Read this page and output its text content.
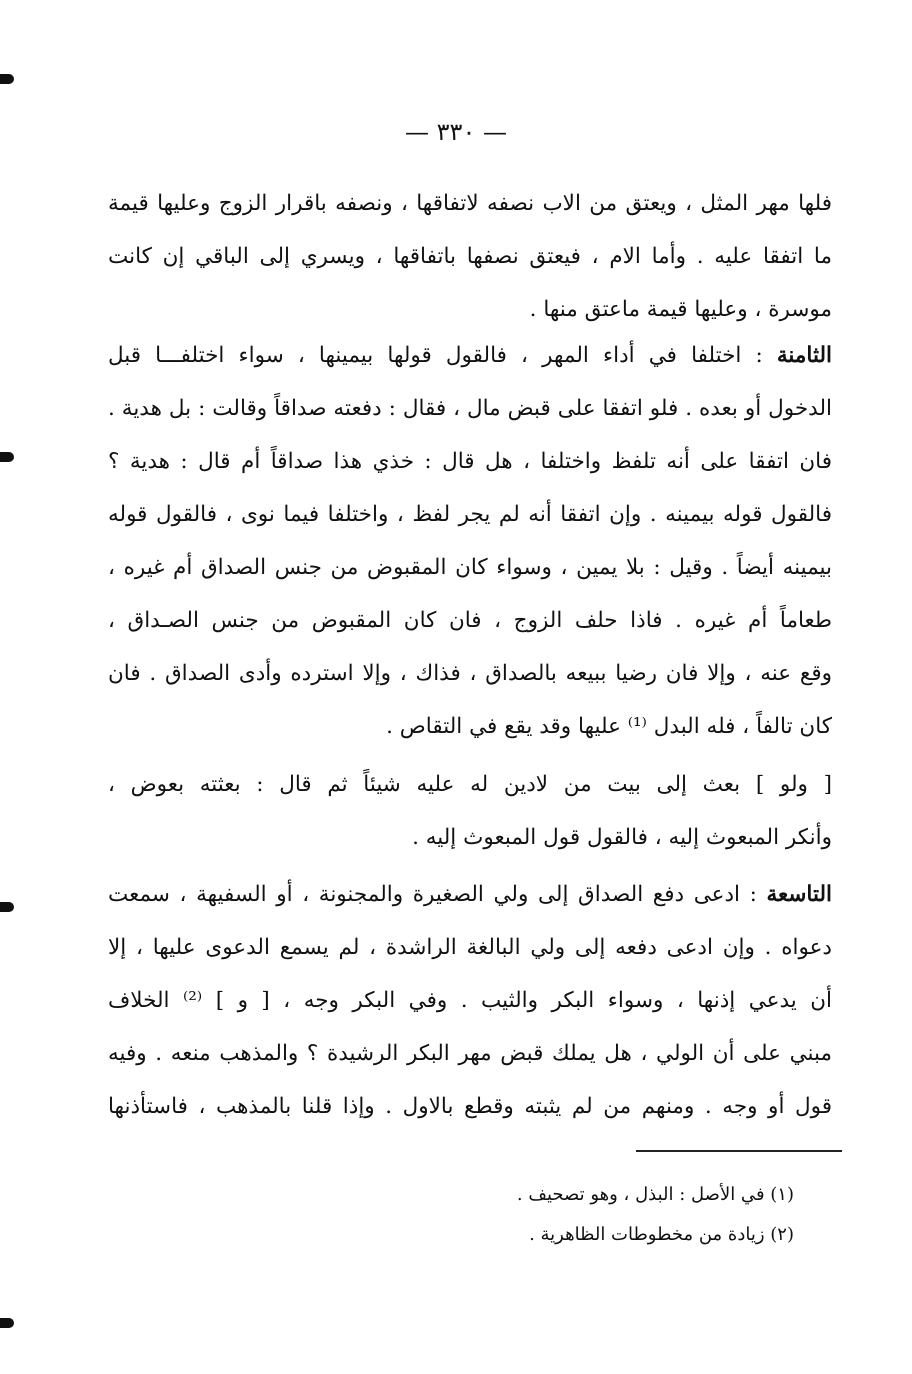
— ٣٣٠ —
فلها مهر المثل ، ويعتق من الاب نصفه لاتفاقها ، ونصفه باقرار الزوج وعليها قيمة
ما اتفقا عليه . وأما الام ، فيعتق نصفها باتفاقها ، ويسري إلى الباقي إن كانت
موسرة ، وعليها قيمة ماعتق منها .
الثامنة : اختلفا في أداء المهر ، فالقول قولها بيمينها ، سواء اختلفـــا قبل
الدخول أو بعده . فلو اتفقا على قبض مال ، فقال : دفعته صداقاً وقالت : بل هدية .
فان اتفقا على أنه تلفظ واختلفا ، هل قال : خذي هذا صداقاً أم قال : هدية ؟
فالقول قوله بيمينه . وإن اتفقا أنه لم يجر لفظ ، واختلفا فيما نوى ، فالقول قوله
بيمينه أيضاً . وقيل : بلا يمين ، وسواء كان المقبوض من جنس الصداق أم غيره ،
طعاماً أم غيره . فاذا حلف الزوج ، فان كان المقبوض من جنس الصـداق ،
وقع عنه ، وإلا فان رضيا ببيعه بالصداق ، فذاك ، وإلا استرده وأدى الصداق . فان
كان تالفاً ، فله البدل ⁽¹⁾ عليها وقد يقع في التقاص .
[ ولو ] بعث إلى بيت من لادين له عليه شيئاً ثم قال : بعثته بعوض ،
وأنكر المبعوث إليه ، فالقول قول المبعوث إليه .
التاسعة : ادعى دفع الصداق إلى ولي الصغيرة والمجنونة ، أو السفيهة ، سمعت
دعواه . وإن ادعى دفعه إلى ولي البالغة الراشدة ، لم يسمع الدعوى عليها ، إلا
أن يدعي إذنها ، وسواء البكر والثيب . وفي البكر وجه ، [ و ] ⁽²⁾ الخلاف
مبني على أن الولي ، هل يملك قبض مهر البكر الرشيدة ؟ والمذهب منعه . وفيه
قول أو وجه . ومنهم من لم يثبته وقطع بالاول . وإذا قلنا بالمذهب ، فاستأذنها
(١) في الأصل : البذل ، وهو تصحيف .
(٢) زيادة من مخطوطات الظاهرية .
